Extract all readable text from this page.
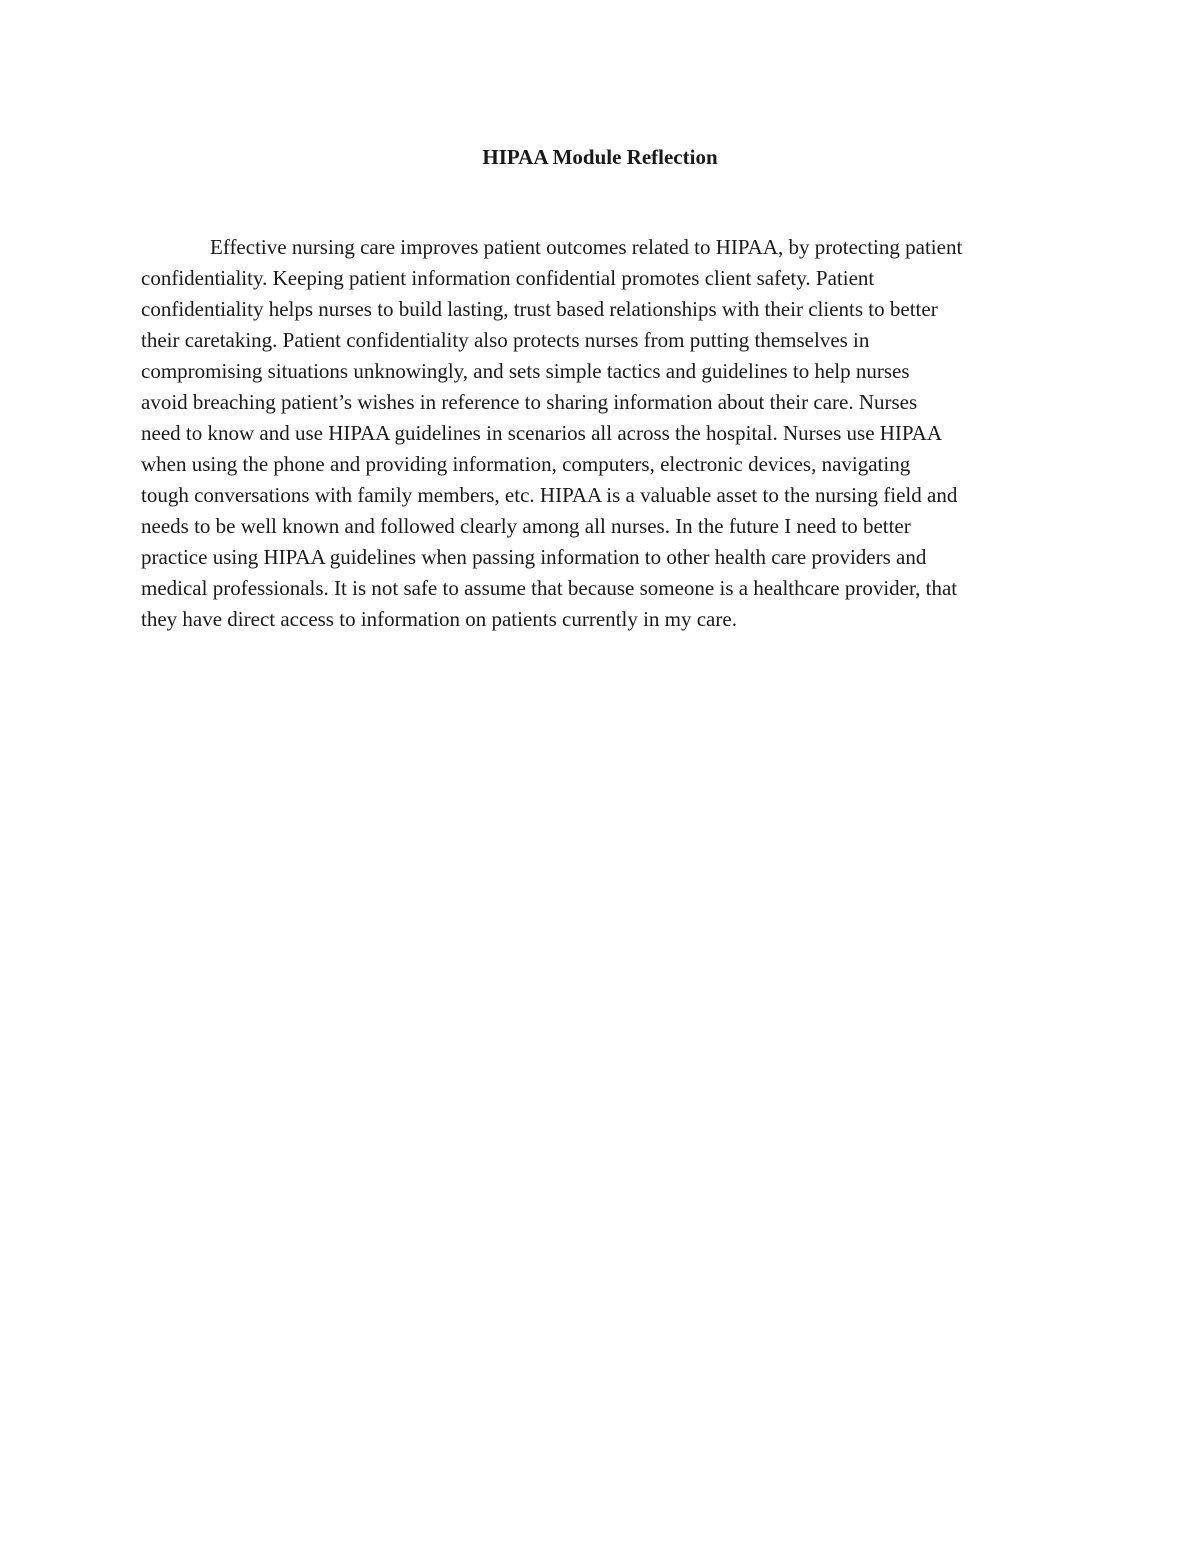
HIPAA Module Reflection

Effective nursing care improves patient outcomes related to HIPAA, by protecting patient
confidentiality. Keeping patient information confidential promotes client safety. Patient
confidentiality helps nurses to build lasting, trust based relationships with their clients to better
their caretaking. Patient confidentiality also protects nurses from putting themselves in
compromising situations unknowingly, and sets simple tactics and guidelines to help nurses
avoid breaching patient’s wishes in reference to sharing information about their care. Nurses
need to know and use HIPAA guidelines in scenarios all across the hospital. Nurses use HIPAA
when using the phone and providing information, computers, electronic devices, navigating
tough conversations with family members, etc. HIPAA is a valuable asset to the nursing field and
needs to be well known and followed clearly among all nurses. In the future I need to better
practice using HIPAA guidelines when passing information to other health care providers and
medical professionals. It is not safe to assume that because someone is a healthcare provider, that
they have direct access to information on patients currently in my care.
